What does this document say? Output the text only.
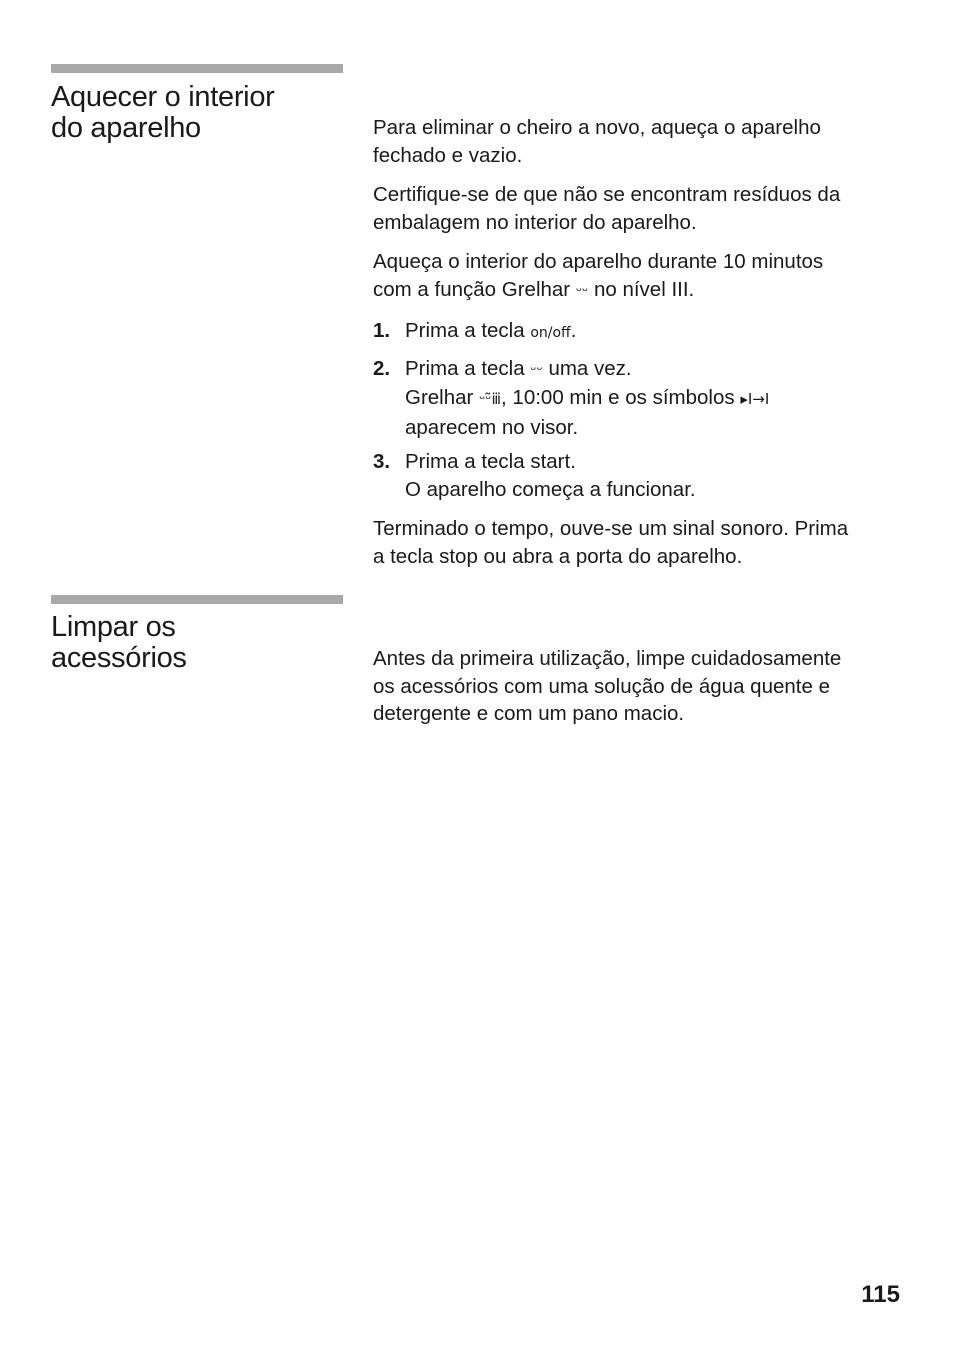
Aquecer o interior
do aparelho	Para eliminar o cheiro a novo, aqueça o aparelho
fechado e vazio.

Certifique-se de que não se encontram resíduos da
embalagem no interior do aparelho.

Aqueça o interior do aparelho durante 10 minutos
com a função Grelhar ᵕᵕ no nível III.

1. Prima a tecla on/off.
2. Prima a tecla ᵕᵕ uma vez.
Grelhar ᵕᵕ͂ⅲ, 10:00 min e os símbolos ▸I→I
aparecem no visor.
3. Prima a tecla start.
O aparelho começa a funcionar.

Terminado o tempo, ouve-se um sinal sonoro. Prima
a tecla stop ou abra a porta do aparelho.

Limpar os
acessórios	Antes da primeira utilização, limpe cuidadosamente
os acessórios com uma solução de água quente e
detergente e com um pano macio.

115
